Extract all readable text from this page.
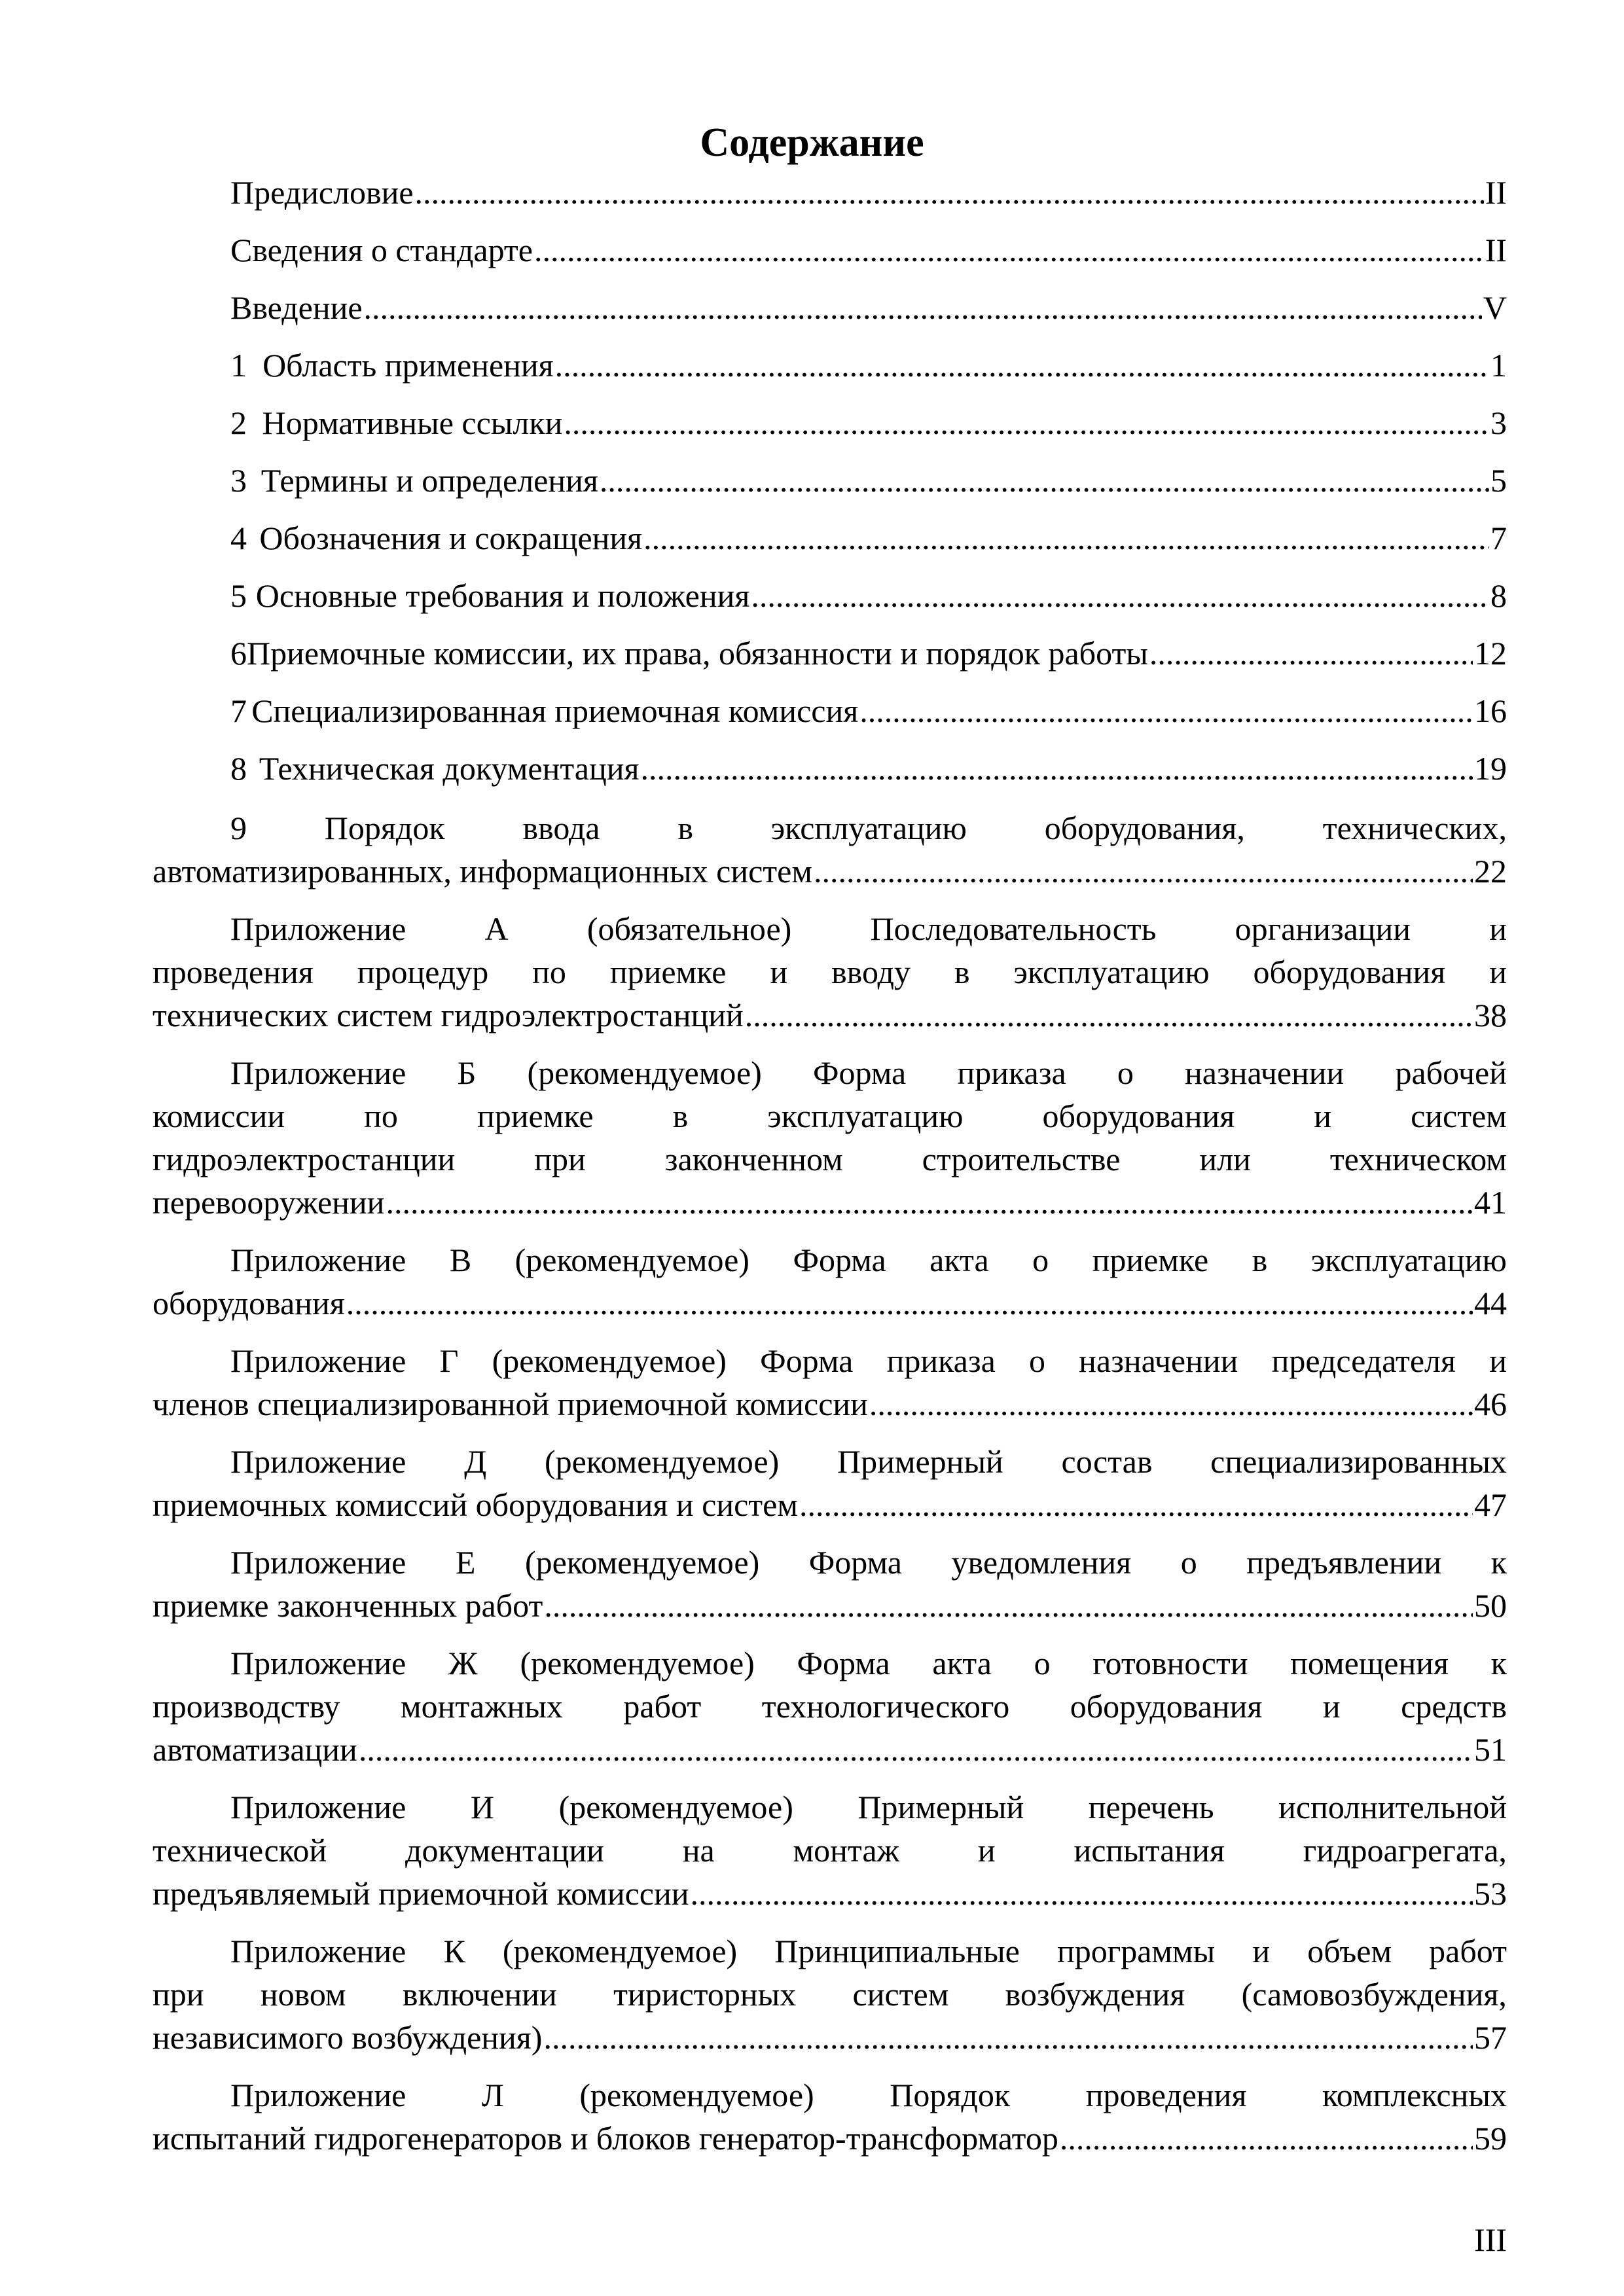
Содержание
Предисловие .....	II
Сведения о стандарте .....	II
Введение .....	V
1 Область применения .....	1
2 Нормативные ссылки .....	3
3 Термины и определения .....	5
4 Обозначения и сокращения .....	7
5 Основные требования и положения .....	8
6 Приемочные комиссии, их права, обязанности и порядок работы .....	12
7 Специализированная приемочная комиссия .....	16
8 Техническая документация .....	19
9 Порядок ввода в эксплуатацию оборудования, технических,
автоматизированных, информационных систем .....	22
Приложение А (обязательное) Последовательность организации и
проведения процедур по приемке и вводу в эксплуатацию оборудования и
технических систем гидроэлектростанций .....	38
Приложение Б (рекомендуемое) Форма приказа о назначении рабочей
комиссии по приемке в эксплуатацию оборудования и систем
гидроэлектростанции при законченном строительстве или техническом
перевооружении .....	41
Приложение В (рекомендуемое) Форма акта о приемке в эксплуатацию
оборудования .....	44
Приложение Г (рекомендуемое) Форма приказа о назначении председателя и
членов специализированной приемочной комиссии .....	46
Приложение Д (рекомендуемое) Примерный состав специализированных
приемочных комиссий оборудования и систем .....	47
Приложение Е (рекомендуемое) Форма уведомления о предъявлении к
приемке законченных работ .....	50
Приложение Ж (рекомендуемое) Форма акта о готовности помещения к
производству монтажных работ технологического оборудования и средств
автоматизации .....	51
Приложение И (рекомендуемое) Примерный перечень исполнительной
технической документации на монтаж и испытания гидроагрегата,
предъявляемый приемочной комиссии .....	53
Приложение К (рекомендуемое) Принципиальные программы и объем работ
при новом включении тиристорных систем возбуждения (самовозбуждения,
независимого возбуждения) .....	57
Приложение Л (рекомендуемое) Порядок проведения комплексных
испытаний гидрогенераторов и блоков генератор-трансформатор .....	59
III
